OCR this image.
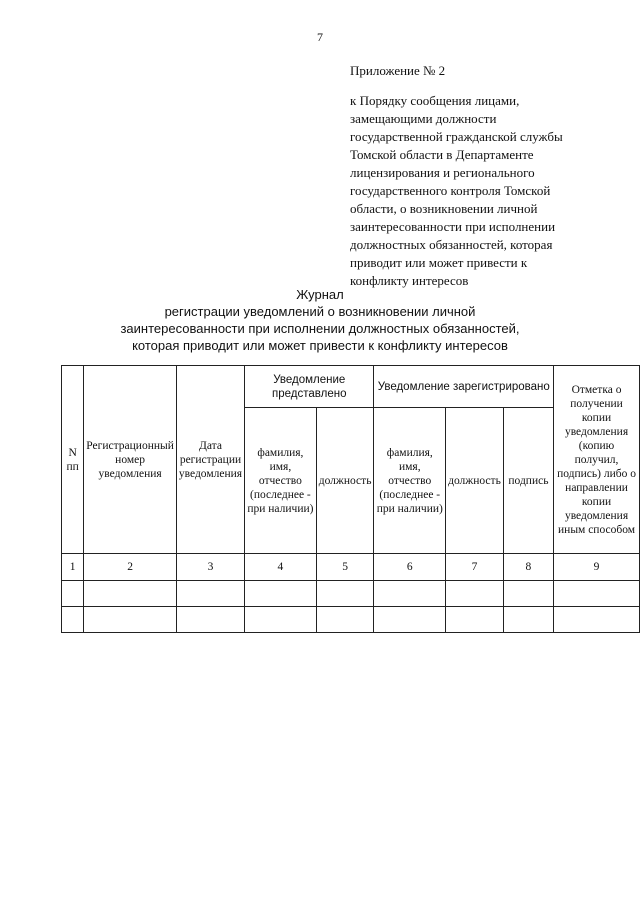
7
Приложение № 2
к Порядку сообщения лицами,
замещающими должности
государственной гражданской службы
Томской области в Департаменте
лицензирования и регионального
государственного контроля Томской
области, о возникновении личной
заинтересованности при исполнении
должностных обязанностей, которая
приводит или может привести к
конфликту интересов
Журнал
регистрации уведомлений о возникновении личной
заинтересованности при исполнении должностных обязанностей,
которая приводит или может привести к конфликту интересов
N пп	Регистрационный номер уведомления	Дата регистрации уведомления	Уведомление представлено		Уведомление зарегистрировано			Отметка о получении копии уведомления (копию получил, подпись) либо о направлении копии уведомления иным способом
			фамилия, имя, отчество (последнее - при наличии)	должность	фамилия, имя, отчество (последнее - при наличии)	должность	подпись	
1	2	3	4	5	6	7	8	9
